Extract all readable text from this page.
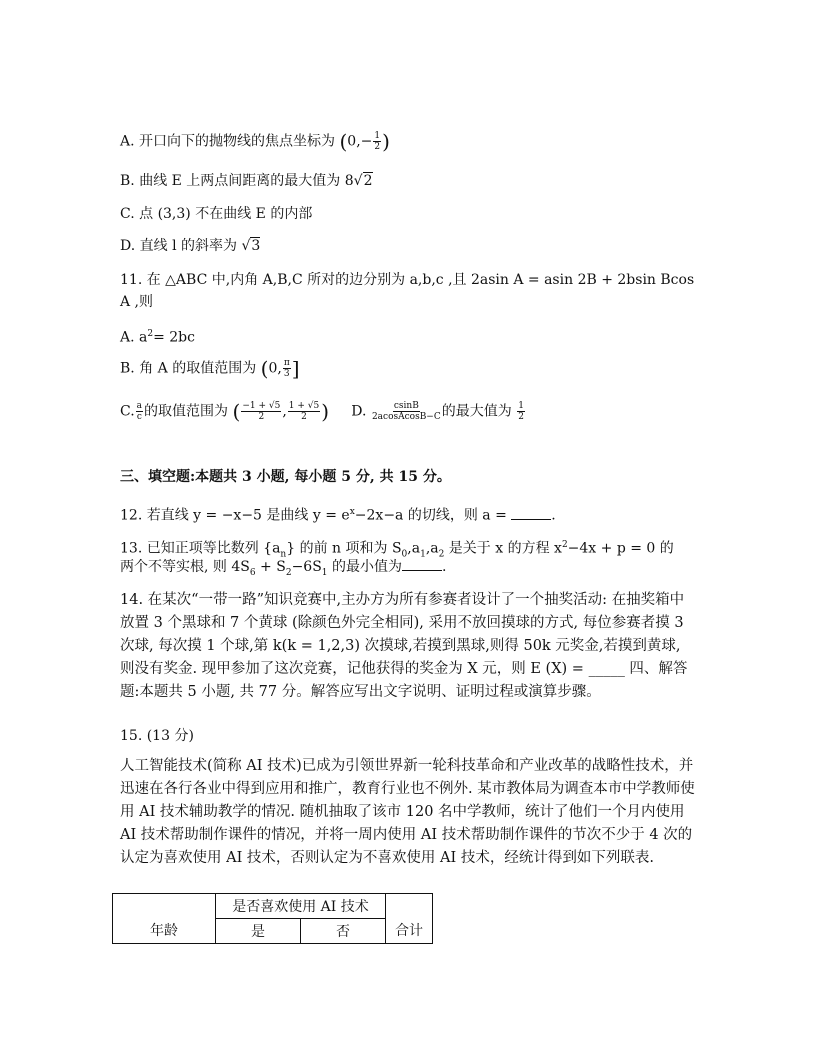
A. 开口向下的抛物线的焦点坐标为 ($0,- \frac{1}{2}$ )
B. 曲线 E 上两点间距离的最大值为 8√2
C. 点 (3,3) 不在曲线 E 的内部
D. 直线 l 的斜率为 √3
11. 在 △ABC 中,内角 A,B,C 所对的边分别为 a,b,c ,且 2asin A = asin 2B + 2bsin Bcos
A ,则
A. $a^2= 2bc$
B. 角 A 的取值范围为 (0, $\frac{\pi}{3}$ ]
C. $\frac{a}{c}$ 的取值范围为 ( $\frac{-1 + √5}{2}$ , $\frac{1 + √5}{2}$ ) D. $\frac{csinB}{\text{2acosAcosB−C}}$ 的最大值为 $\frac{1}{2}$
三、填空题:本题共 3 小题, 每小题 5 分, 共 15 分。
12. 若直线 y = −x−5 是曲线 $y = e^x-2x-a$ 的切线，则 a =	.
13. 已知正项等比数列 $\{a_n\}$ 的前 n 项和为 $S_0,a_1,a_2$ 是关于 x 的方程 $x^2-4x + p = 0$ 的
两个不等实根, 则 $4S_6 + S_2-6S_1$ 的最小值为	.
14. 在某次“一带一路”知识竞赛中,主办方为所有参赛者设计了一个抽奖活动: 在抽奖箱中放置 3 个黑球和 7 个黄球 (除颜色外完全相同), 采用不放回摸球的方式, 每位参赛者摸 3 次球, 每次摸 1 个球,第 k(k = 1,2,3) 次摸球,若摸到黑球,则得 50k 元奖金,若摸到黄球,则没有奖金. 现甲参加了这次竞赛，记他获得的奖金为 X 元，则 E (X) = _____ 四、解答题:本题共 5 小题, 共 77 分。解答应写出文字说明、证明过程或演算步骤。
15. (13 分)
人工智能技术(简称 AI 技术)已成为引领世界新一轮科技革命和产业改革的战略性技术，并迅速在各行各业中得到应用和推广，教育行业也不例外. 某市教体局为调查本市中学教师使用 AI 技术辅助教学的情况. 随机抽取了该市 120 名中学教师，统计了他们一个月内使用 AI 技术帮助制作课件的情况，并将一周内使用 AI 技术帮助制作课件的节次不少于 4 次的认定为喜欢使用 AI 技术，否则认定为不喜欢使用 AI 技术，经统计得到如下列联表.
年龄	是否喜欢使用 AI 技术		合计
	是	否	
